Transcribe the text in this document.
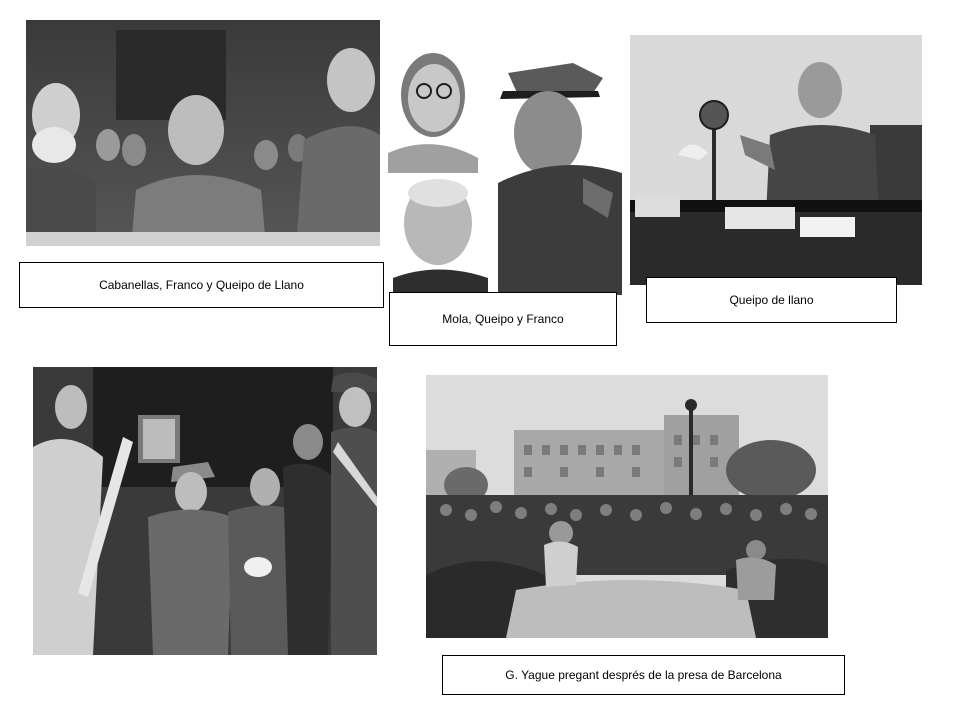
Cabanellas, Franco y Queipo de Llano
Mola, Queipo y Franco
Queipo de llano
G. Yague pregant després de la presa de Barcelona
